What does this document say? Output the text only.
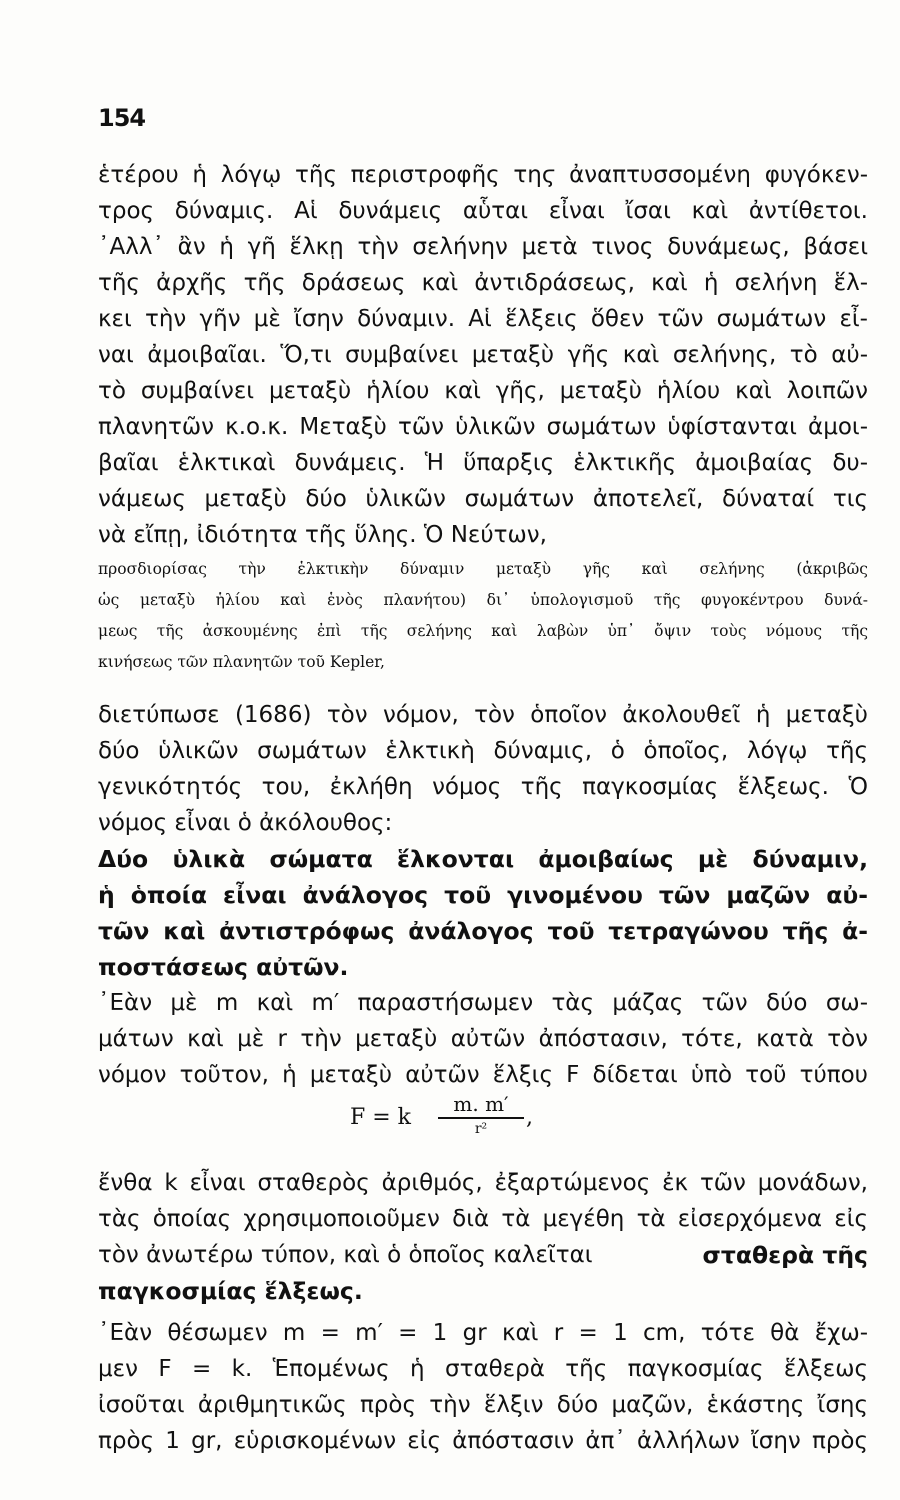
154
ἑτέρου ἡ λόγῳ τῆς περιστροφῆς τηϛ ἀναπτυσσομένη φυγόκεν-
τρος δύναμις. Αἱ δυνάμεις αὗται εἶναι ἴσαι καὶ ἀντίθετοι.
᾽Αλλ᾽ ἂν ἡ γῆ ἕλκῃ τὴν σελήνην μετὰ τινος δυνάμεως, βάσει
τῆς ἀρχῆς τῆς δράσεως καὶ ἀντιδράσεως, καὶ ἡ σελήνη ἕλ-
κει τὴν γῆν μὲ ἴσην δύναμιν. Αἱ ἕλξεις ὅθεν τῶν σωμάτων εἶ-
ναι ἀμοιβαῖαι. Ὅ,τι συμβαίνει μεταξὺ γῆς καὶ σελήνης, τὸ αὐ-
τὸ συμβαίνει μεταξὺ ἡλίου καὶ γῆς, μεταξὺ ἡλίου καὶ λοιπῶν
πλανητῶν κ.ο.κ. Μεταξὺ τῶν ὑλικῶν σωμάτων ὑφίστανται ἀμοι-
βαῖαι ἑλκτικαὶ δυνάμεις. Ἡ ὕπαρξις ἑλκτικῆς ἀμοιβαίας δυ-
νάμεως μεταξὺ δύο ὑλικῶν σωμάτων ἀποτελεῖ, δύναταί τις
νὰ εἴπῃ, ἰδιότητα τῆς ὕλης. Ὁ Νεύτων,
προσδιορίσας τὴν ἑλκτικὴν δύναμιν μεταξὺ γῆς καὶ σελήνης (ἀκριβῶς
ὡς μεταξὺ ἡλίου καὶ ἑνὸς πλανήτου) δι᾽ ὑπολογισμοῦ τῆς φυγοκέντρου δυνά-
μεως τῆς ἀσκουμένης ἐπὶ τῆς σελήνης καὶ λαβὼν ὑπ᾽ ὄψιν τοὺς νόμους τῆς
κινήσεως τῶν πλανητῶν τοῦ Kepler,
διετύπωσε (1686) τὸν νόμον, τὸν ὁποῖον ἀκολουθεῖ ἡ μεταξὺ
δύο ὑλικῶν σωμάτων ἑλκτικὴ δύναμις, ὁ ὁποῖος, λόγῳ τῆς
γενικότητός του, ἐκλήθη νόμος τῆς παγκοσμίας ἕλξεως. Ὁ
νόμος εἶναι ὁ ἀκόλουθος:
Δύο ὑλικὰ σώματα ἕλκονται ἀμοιβαίως μὲ δύναμιν,
ἡ ὁποία εἶναι ἀνάλογος τοῦ γινομένου τῶν μαζῶν αὐ-
τῶν καὶ ἀντιστρόφως ἀνάλογος τοῦ τετραγώνου τῆς ἀ-
ποστάσεως αὐτῶν.
᾽Εὰν μὲ m καὶ m′ παραστήσωμεν τὰς μάζας τῶν δύο σω-
μάτων καὶ μὲ r τὴν μεταξὺ αὐτῶν ἀπόστασιν, τότε, κατὰ τὸν
νόμον τοῦτον, ἡ μεταξὺ αὐτῶν ἕλξις F δίδεται ὑπὸ τοῦ τύπου
F = k
m. m′
r²	,
ἔνθα k εἶναι σταθερὸς ἀριθμός, ἐξαρτώμενος ἐκ τῶν μονάδων,
τὰς ὁποίας χρησιμοποιοῦμεν διὰ τὰ μεγέθη τὰ εἰσερχόμενα εἰς
τὸν ἀνωτέρω τύπον, καὶ ὁ ὁποῖος καλεῖται	σταθερὰ τῆς
παγκοσμίας ἕλξεως.
᾽Εὰν θέσωμεν m = m′ = 1 gr καὶ r = 1 cm, τότε θὰ ἔχω-
μεν F = k. Ἑπομένως ἡ σταθερὰ τῆς παγκοσμίας ἕλξεως
ἰσοῦται ἀριθμητικῶς πρὸς τὴν ἕλξιν δύο μαζῶν, ἑκάστης ἴσης
πρὸς 1 gr, εὑρισκομένων εἰς ἀπόστασιν ἀπ᾽ ἀλλήλων ἴσην πρὸς
